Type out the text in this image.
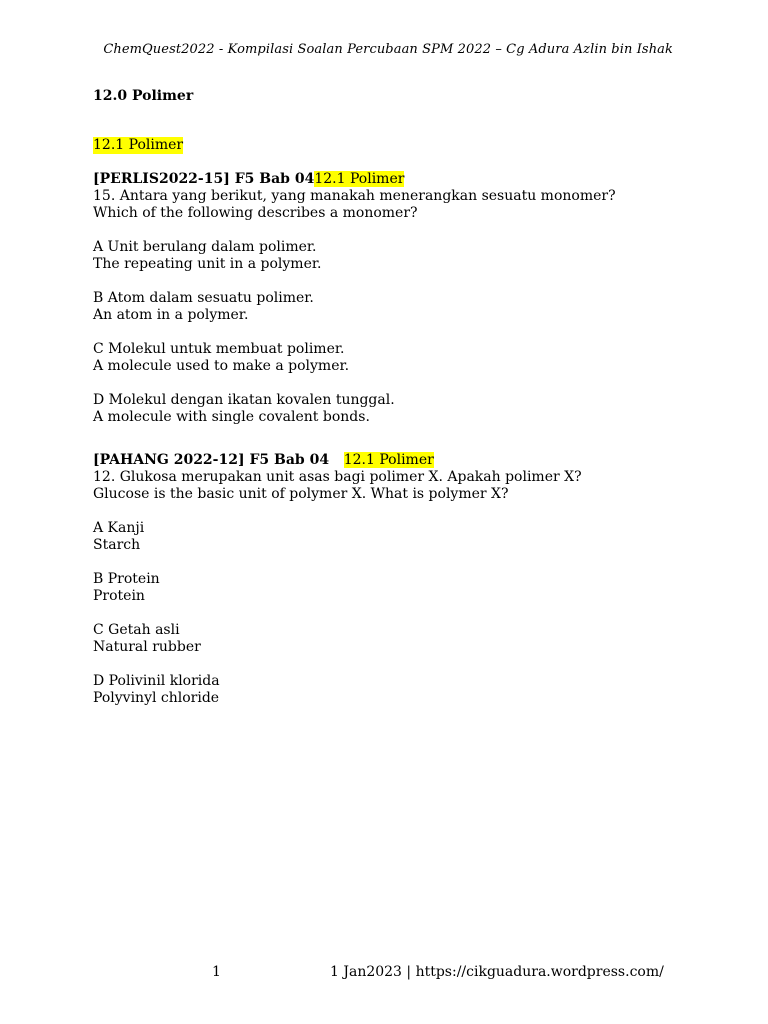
ChemQuest2022 - Kompilasi Soalan Percubaan SPM 2022 – Cg Adura Azlin bin Ishak

12.0 Polimer

12.1 Polimer

[PERLIS2022-15] F5 Bab 0412.1 Polimer

15. Antara yang berikut, yang manakah menerangkan sesuatu monomer?

Which of the following describes a monomer?

A Unit berulang dalam polimer.

The repeating unit in a polymer.

B Atom dalam sesuatu polimer.

An atom in a polymer.

C Molekul untuk membuat polimer.

A molecule used to make a polymer.

D Molekul dengan ikatan kovalen tunggal.

A molecule with single covalent bonds.

[PAHANG 2022-12] F5 Bab 04 12.1 Polimer

12. Glukosa merupakan unit asas bagi polimer X. Apakah polimer X?

Glucose is the basic unit of polymer X. What is polymer X?

A Kanji

Starch

B Protein

Protein

C Getah asli

Natural rubber

D Polivinil klorida

Polyvinyl chloride

1	1 Jan2023 | https://cikguadura.wordpress.com/
